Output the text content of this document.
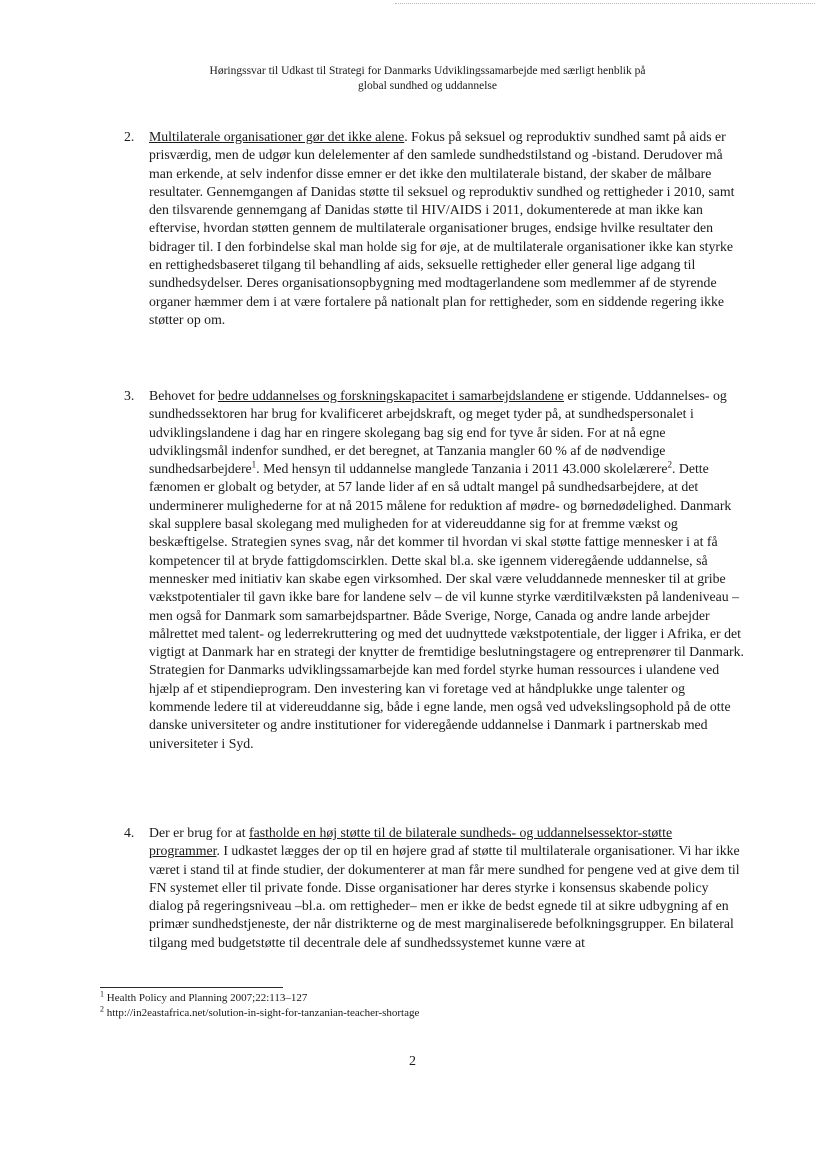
Høringssvar til Udkast til Strategi for Danmarks Udviklingssamarbejde med særligt henblik på
global sundhed og uddannelse
2.	Multilaterale organisationer gør det ikke alene. Fokus på seksuel og reproduktiv sundhed samt på aids er prisværdig, men de udgør kun delelementer af den samlede sundhedstilstand og -bistand. Derudover må man erkende, at selv indenfor disse emner er det ikke den multilaterale bistand, der skaber de målbare resultater. Gennemgangen af Danidas støtte til seksuel og reproduktiv sundhed og rettigheder i 2010, samt den tilsvarende gennemgang af Danidas støtte til HIV/AIDS i 2011, dokumenterede at man ikke kan eftervise, hvordan støtten gennem de multilaterale organisationer bruges, endsige hvilke resultater den bidrager til. I den forbindelse skal man holde sig for øje, at de multilaterale organisationer ikke kan styrke en rettighedsbaseret tilgang til behandling af aids, seksuelle rettigheder eller general lige adgang til sundhedsydelser. Deres organisationsopbygning med modtagerlandene som medlemmer af de styrende organer hæmmer dem i at være fortalere på nationalt plan for rettigheder, som en siddende regering ikke støtter op om.
3.	Behovet for bedre uddannelses og forskningskapacitet i samarbejdslandene er stigende. Uddannelses- og sundhedssektoren har brug for kvalificeret arbejdskraft, og meget tyder på, at sundhedspersonalet i udviklingslandene i dag har en ringere skolegang bag sig end for tyve år siden. For at nå egne udviklingsmål indenfor sundhed, er det beregnet, at Tanzania mangler 60 % af de nødvendige sundhedsarbejdere$^1$. Med hensyn til uddannelse manglede Tanzania i 2011 43.000 skolelærere$^2$. Dette fænomen er globalt og betyder, at 57 lande lider af en så udtalt mangel på sundhedsarbejdere, at det underminerer mulighederne for at nå 2015 målene for reduktion af mødre- og børnedødelighed. Danmark skal supplere basal skolegang med muligheden for at videreuddanne sig for at fremme vækst og beskæftigelse. Strategien synes svag, når det kommer til hvordan vi skal støtte fattige mennesker i at få kompetencer til at bryde fattigdomscirklen. Dette skal bl.a. ske igennem videregående uddannelse, så mennesker med initiativ kan skabe egen virksomhed. Der skal være veluddannede mennesker til at gribe vækstpotentialer til gavn ikke bare for landene selv – de vil kunne styrke værditilvæksten på landeniveau – men også for Danmark som samarbejdspartner. Både Sverige, Norge, Canada og andre lande arbejder målrettet med talent- og lederrekruttering og med det uudnyttede vækstpotentiale, der ligger i Afrika, er det vigtigt at Danmark har en strategi der knytter de fremtidige beslutningstagere og entreprenører til Danmark. Strategien for Danmarks udviklingssamarbejde kan med fordel styrke human ressources i ulandene ved hjælp af et stipendieprogram. Den investering kan vi foretage ved at håndplukke unge talenter og kommende ledere til at videreuddanne sig, både i egne lande, men også ved udvekslingsophold på de otte danske universiteter og andre institutioner for videregående uddannelse i Danmark i partnerskab med universiteter i Syd.
4.	Der er brug for at fastholde en høj støtte til de bilaterale sundheds- og uddannelsessektor-støtte programmer. I udkastet lægges der op til en højere grad af støtte til multilaterale organisationer. Vi har ikke været i stand til at finde studier, der dokumenterer at man får mere sundhed for pengene ved at give dem til FN systemet eller til private fonde. Disse organisationer har deres styrke i konsensus skabende policy dialog på regeringsniveau –bl.a. om rettigheder– men er ikke de bedst egnede til at sikre udbygning af en primær sundhedstjeneste, der når distrikterne og de mest marginaliserede befolkningsgrupper. En bilateral tilgang med budgetstøtte til decentrale dele af sundhedssystemet kunne være at
$^1$ Health Policy and Planning 2007;22:113–127
$^2$ http://in2eastafrica.net/solution-in-sight-for-tanzanian-teacher-shortage
2
